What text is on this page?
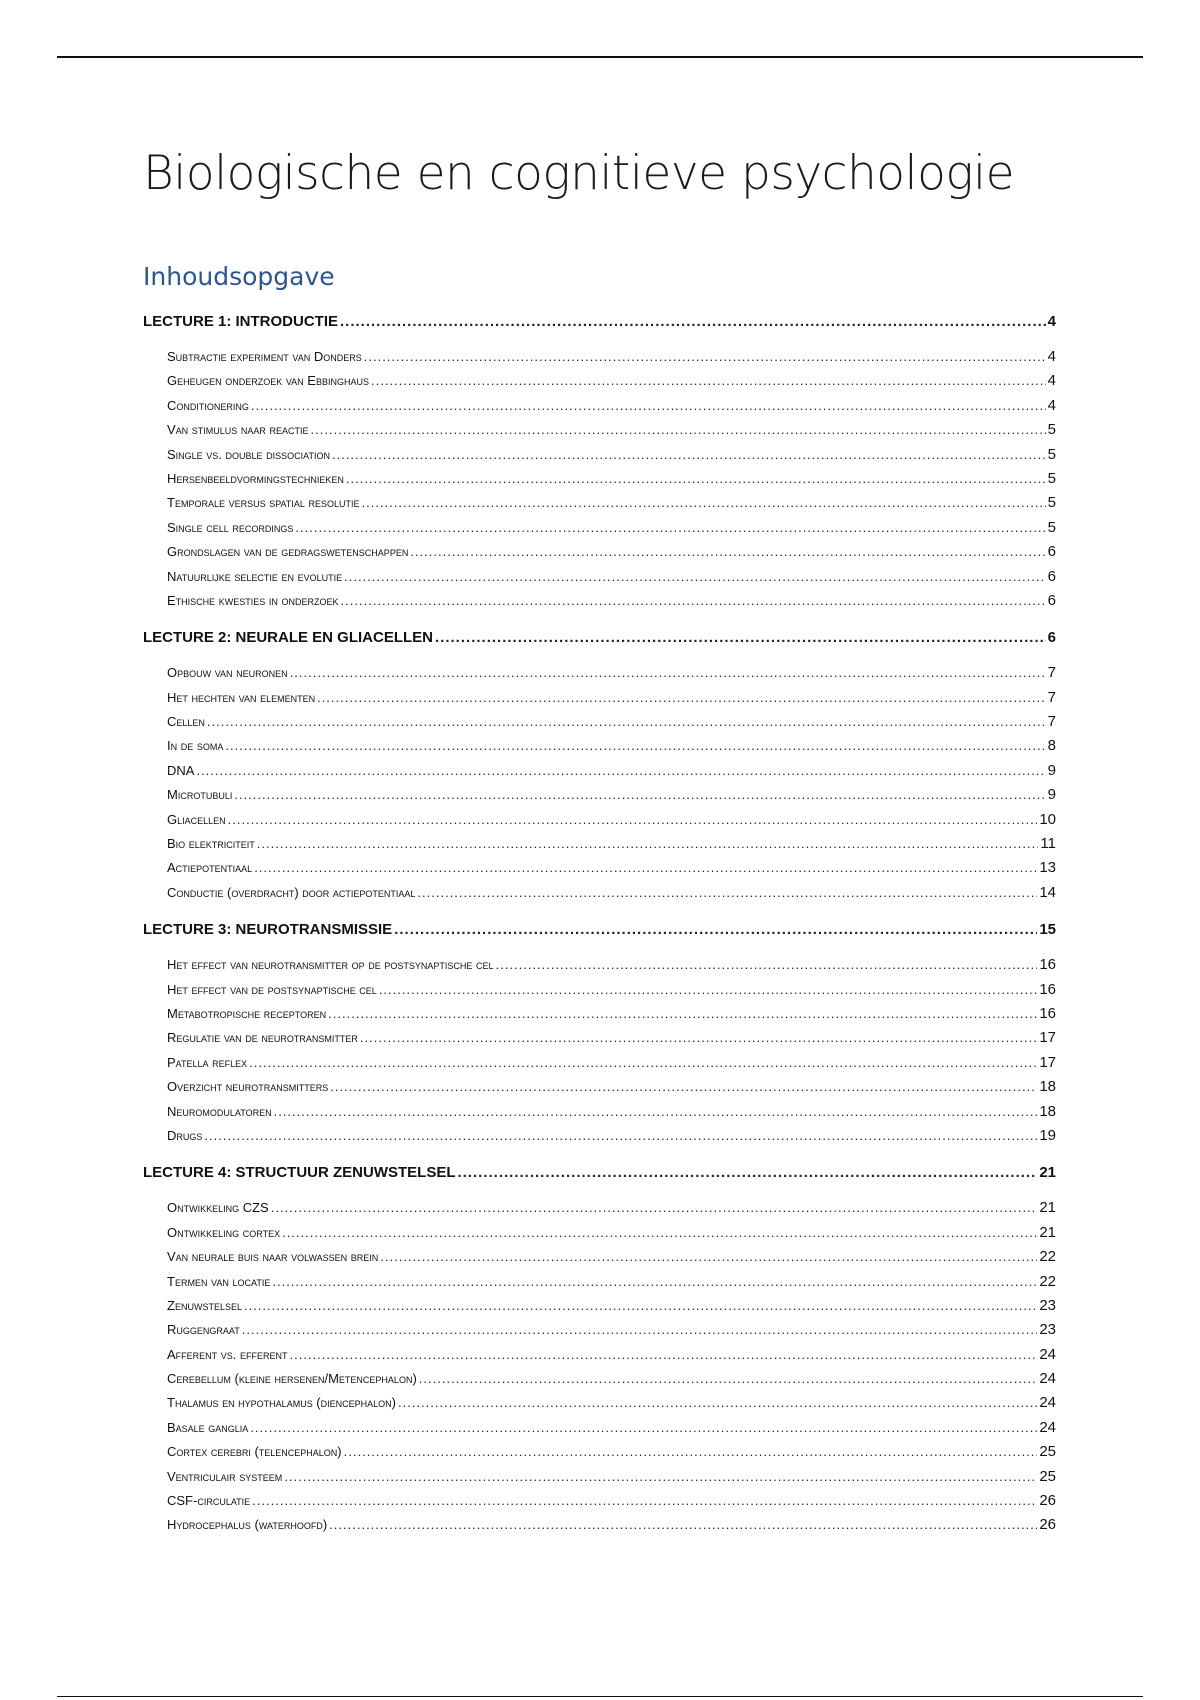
Biologische en cognitieve psychologie
Inhoudsopgave
LECTURE 1: INTRODUCTIE .....	4
Subtractie experiment van Donders .....	4
Geheugen onderzoek van Ebbinghaus .....	4
Conditionering .....	4
Van stimulus naar reactie .....	5
Single vs. double dissociation .....	5
Hersenbeeldvormingstechnieken .....	5
Temporale versus spatial resolutie .....	5
Single cell recordings .....	5
Grondslagen van de gedragswetenschappen .....	6
Natuurlijke selectie en evolutie .....	6
Ethische kwesties in onderzoek .....	6
LECTURE 2: NEURALE EN GLIACELLEN .....	6
Opbouw van neuronen .....	7
Het hechten van elementen .....	7
Cellen .....	7
In de soma .....	8
DNA .....	9
Microtubuli .....	9
Gliacellen .....	10
Bio elektriciteit .....	11
Actiepotentiaal .....	13
Conductie (overdracht) door actiepotentiaal .....	14
LECTURE 3: NEUROTRANSMISSIE .....	15
Het effect van neurotransmitter op de postsynaptische cel .....	16
Het effect van de postsynaptische cel .....	16
Metabotropische receptoren .....	16
Regulatie van de neurotransmitter .....	17
Patella reflex .....	17
Overzicht neurotransmitters .....	18
Neuromodulatoren .....	18
Drugs .....	19
LECTURE 4: STRUCTUUR ZENUWSTELSEL .....	21
Ontwikkeling CZS .....	21
Ontwikkeling cortex .....	21
Van neurale buis naar volwassen brein .....	22
Termen van locatie .....	22
Zenuwstelsel .....	23
Ruggengraat .....	23
Afferent vs. efferent .....	24
Cerebellum (kleine hersenen/Metencephalon) .....	24
Thalamus en hypothalamus (diencephalon) .....	24
Basale ganglia .....	24
Cortex cerebri (telencephalon) .....	25
Ventriculair systeem .....	25
CSF-circulatie .....	26
Hydrocephalus (waterhoofd) .....	26
